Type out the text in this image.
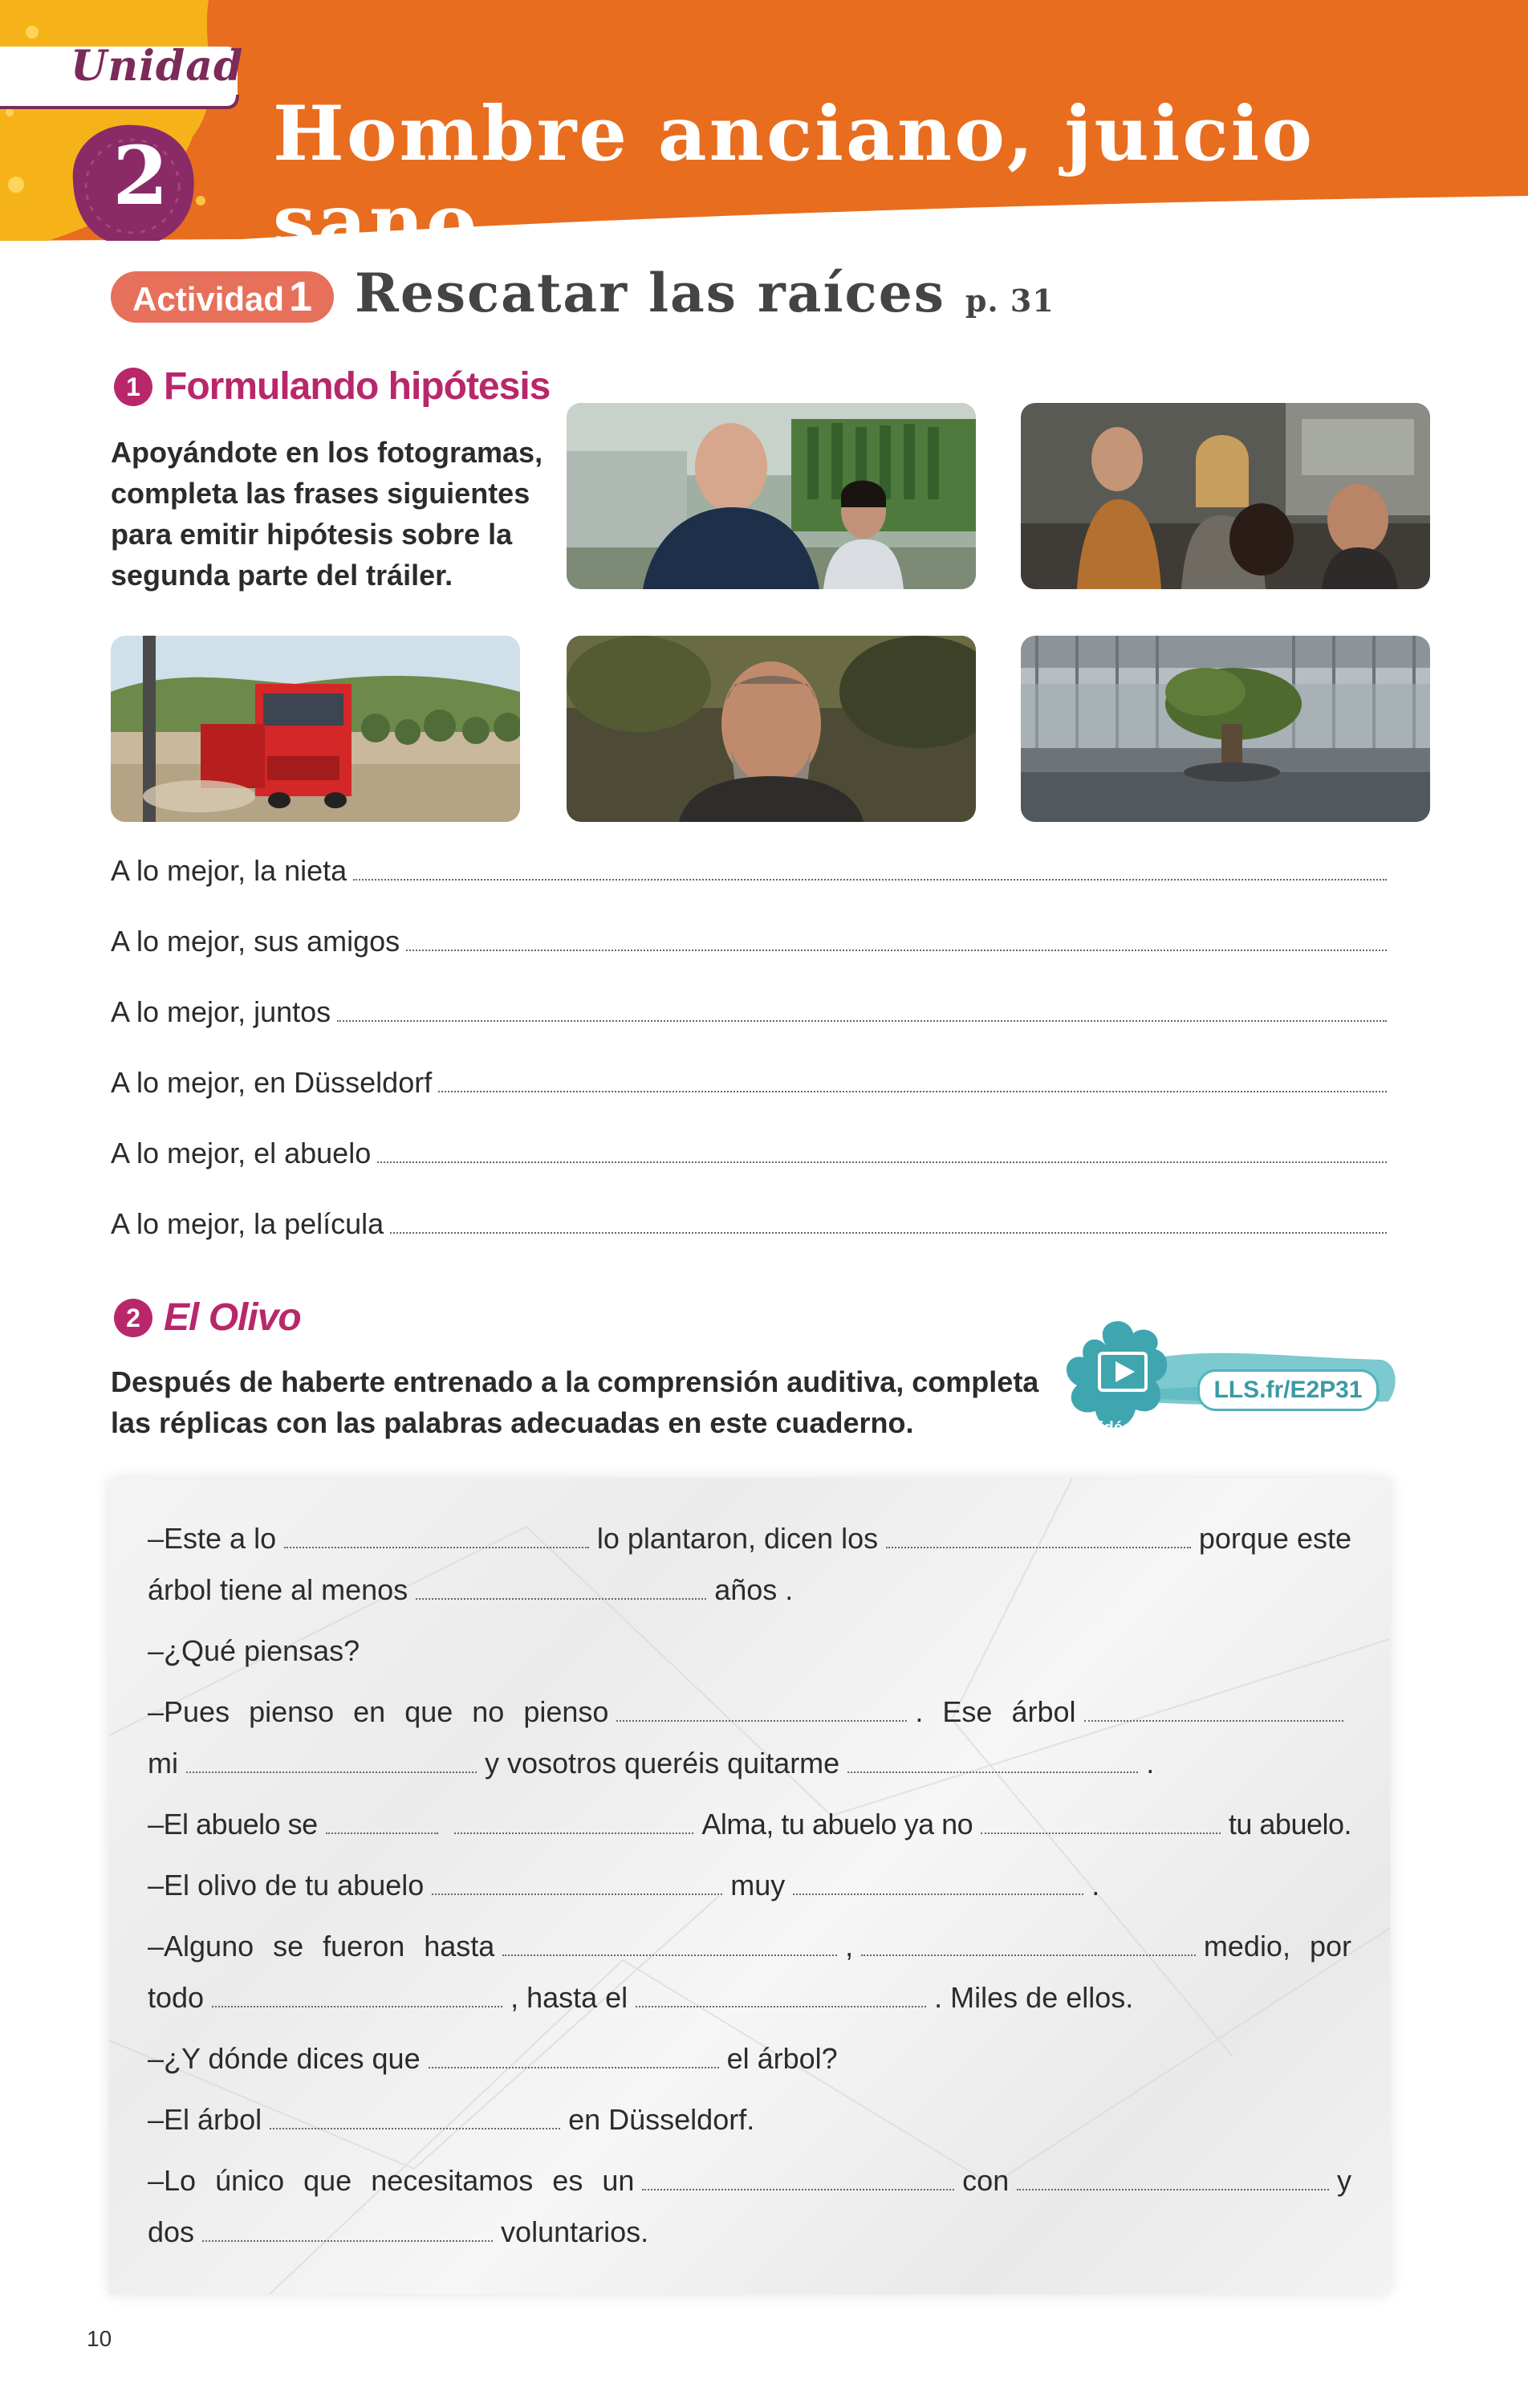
Unidad
2	Hombre anciano, juicio sano
Actividad 1 Rescatar las raíces p. 31
1 Formulando hipótesis
Apoyándote en los fotogramas,
completa las frases siguientes
para emitir hipótesis sobre la
segunda parte del tráiler.
A lo mejor, la nieta
A lo mejor, sus amigos
A lo mejor, juntos
A lo mejor, en Düsseldorf
A lo mejor, el abuelo
A lo mejor, la película
2 El Olivo
Después de haberte entrenado a la comprensión auditiva, completa
las réplicas con las palabras adecuadas en este cuaderno.	vidéo
LLS.fr/E2P31
–Este a lo	lo plantaron, dicen los	porque este
árbol tiene al menos	años .
–¿Qué piensas?
–Pues pienso en que no pienso	. Ese árbol
mi	y vosotros queréis quitarme	.
–El abuelo se	Alma, tu abuelo ya no	tu abuelo.
–El olivo de tu abuelo	muy	.
–Alguno se fueron hasta	,	medio, por
todo	, hasta el	. Miles de ellos.
–¿Y dónde dices que	el árbol?
–El árbol	en Düsseldorf.
–Lo único que necesitamos es un	con	y
dos	voluntarios.
10
